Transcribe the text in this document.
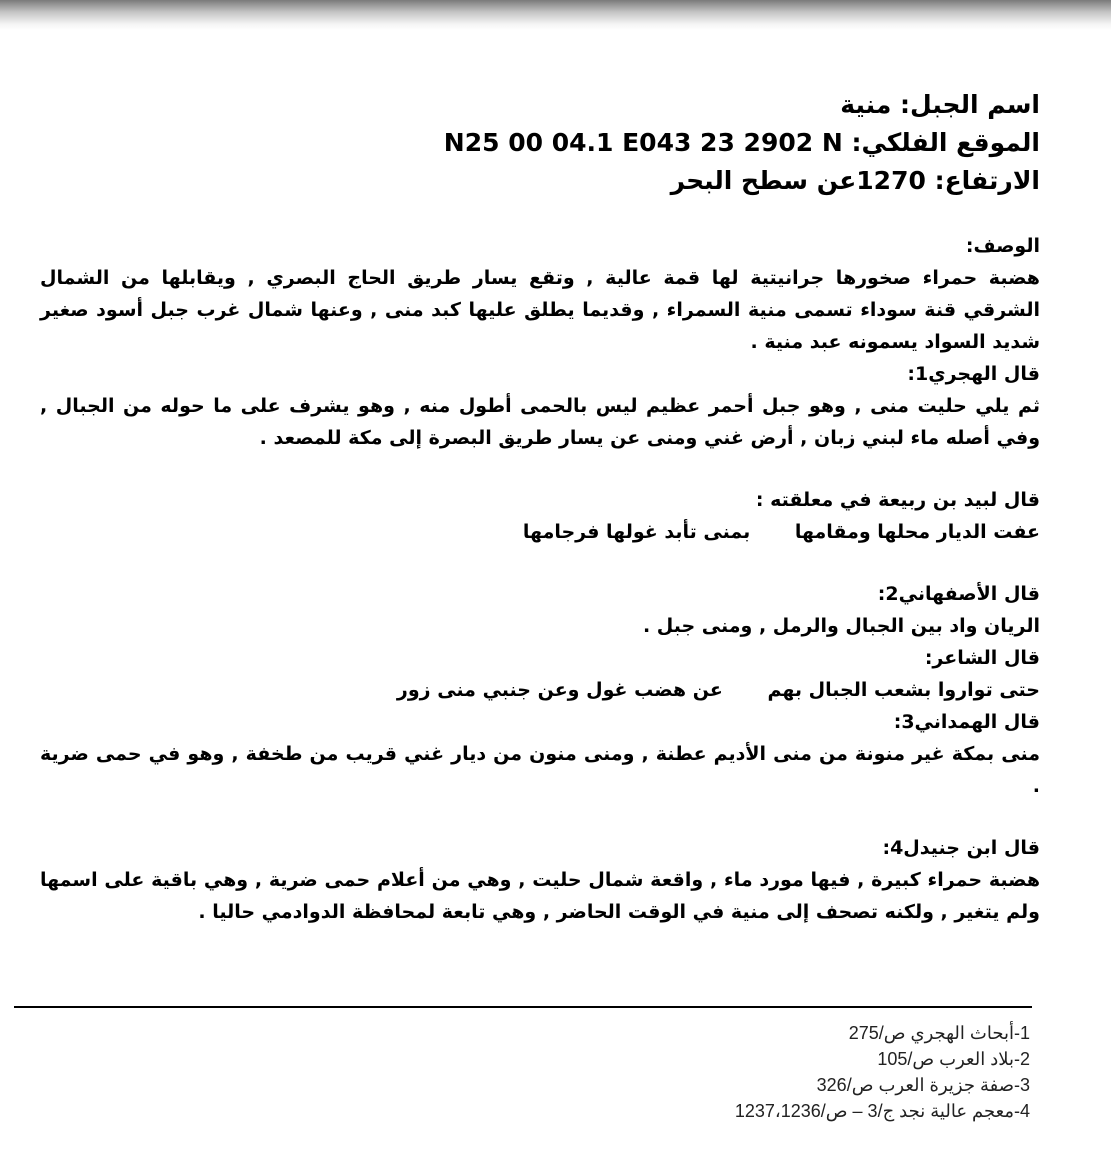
اسم الجبل: منية
الموقع الفلكي: N25 00 04.1 E043 23 2902 N
الارتفاع: 1270عن سطح البحر

الوصف:

هضبة حمراء صخورها جرانيتية لها قمة عالية , وتقع يسار طريق الحاج البصري , ويقابلها من الشمال الشرقي قنة سوداء تسمى منية السمراء , وقديما يطلق عليها كبد منى , وعنها شمال غرب جبل أسود صغير شديد السواد يسمونه عبد منية .

قال الهجري1:

ثم يلي حليت منى , وهو جبل أحمر عظيم ليس بالحمى أطول منه , وهو يشرف على ما حوله من الجبال , وفي أصله ماء لبني زبان , أرض غني ومنى عن يسار طريق البصرة إلى مكة للمصعد .

قال لبيد بن ربيعة في معلقته :

عفت الديار محلها ومقامها بمنى تأبد غولها فرجامها

قال الأصفهاني2:

الريان واد بين الجبال والرمل , ومنى جبل .

قال الشاعر:

حتى تواروا بشعب الجبال بهم عن هضب غول وعن جنبي منى زور

قال الهمداني3:

منى بمكة غير منونة من منى الأديم عطنة , ومنى منون من ديار غني قريب من طخفة , وهو في حمى ضرية .

قال ابن جنيدل4:

هضبة حمراء كبيرة , فيها مورد ماء , واقعة شمال حليت , وهي من أعلام حمى ضرية , وهي باقية على اسمها ولم يتغير , ولكنه تصحف إلى منية في الوقت الحاضر , وهي تابعة لمحافظة الدوادمي حاليا .

1-أبحاث الهجري ص/275
2-بلاد العرب ص/105
3-صفة جزيرة العرب ص/326
4-معجم عالية نجد ج/3 – ص/1237،1236
